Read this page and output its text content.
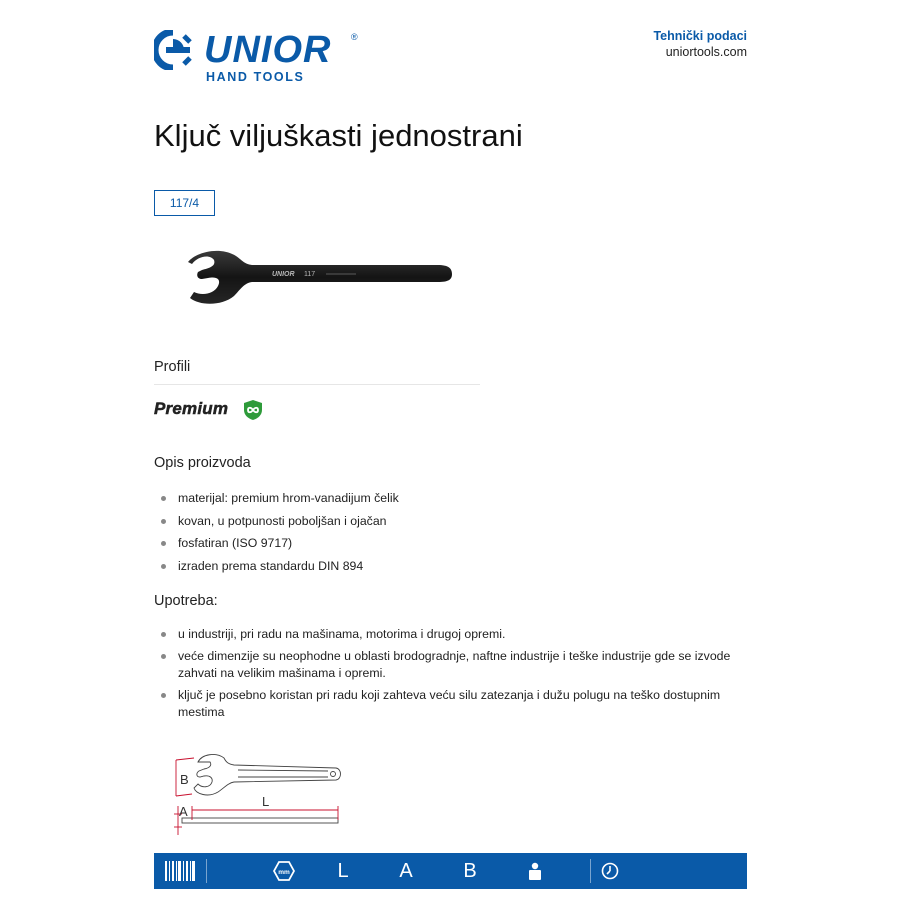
UNIOR ®
HAND TOOLS
Tehnički podaci
uniortools.com
Ključ viljuškasti jednostrani
117/4
UNIOR 117
Profili
Premium
Opis proizvoda
materijal: premium hrom-vanadijum čelik
kovan, u potpunosti poboljšan i ojačan
fosfatiran (ISO 9717)
izraden prema standardu DIN 894
Upotreba:
u industriji, pri radu na mašinama, motorima i drugoj opremi.
veće dimenzije su neophodne u oblasti brodogradnje, naftne industrije i teške industrije gde se izvode zahvati na velikim mašinama i opremi.
ključ je posebno koristan pri radu koji zahteva veću silu zatezanja i dužu polugu na teško dostupnim mestima
B
L
A
mm	L	A	B
